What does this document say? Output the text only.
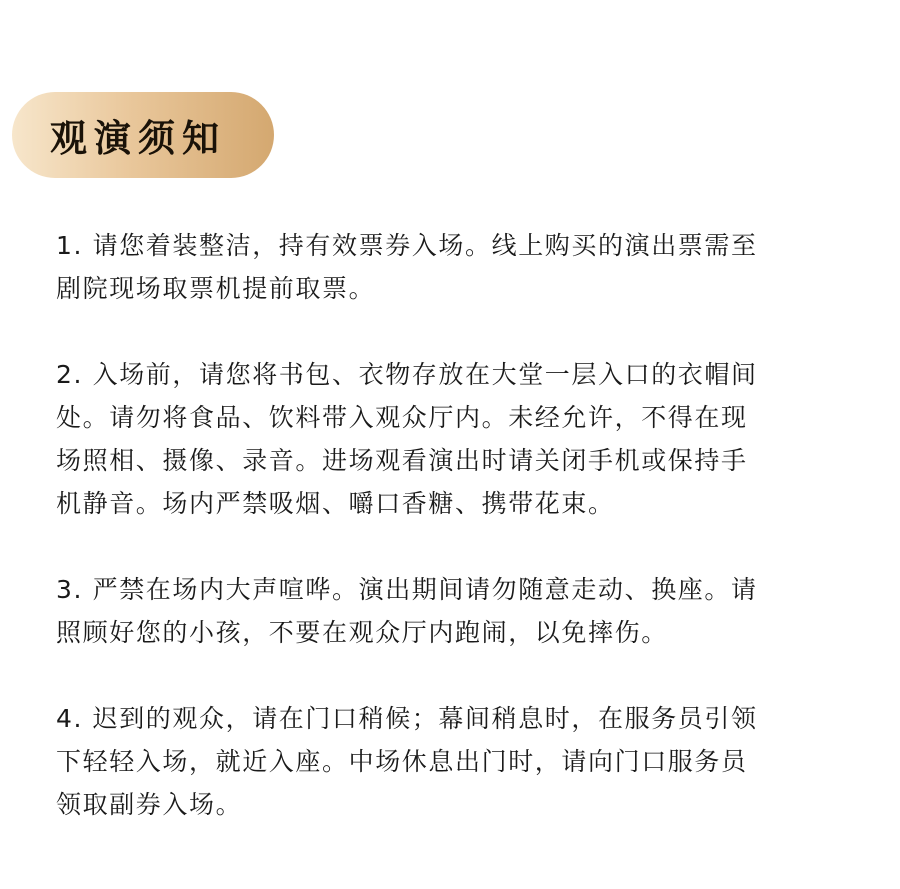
观演须知
1. 请您着装整洁，持有效票券入场。线上购买的演出票需至
剧院现场取票机提前取票。
2. 入场前，请您将书包、衣物存放在大堂一层入口的衣帽间
处。请勿将食品、饮料带入观众厅内。未经允许，不得在现
场照相、摄像、录音。进场观看演出时请关闭手机或保持手
机静音。场内严禁吸烟、嚼口香糖、携带花束。
3. 严禁在场内大声喧哗。演出期间请勿随意走动、换座。请
照顾好您的小孩，不要在观众厅内跑闹，以免摔伤。
4. 迟到的观众，请在门口稍候；幕间稍息时，在服务员引领
下轻轻入场，就近入座。中场休息出门时，请向门口服务员
领取副券入场。
